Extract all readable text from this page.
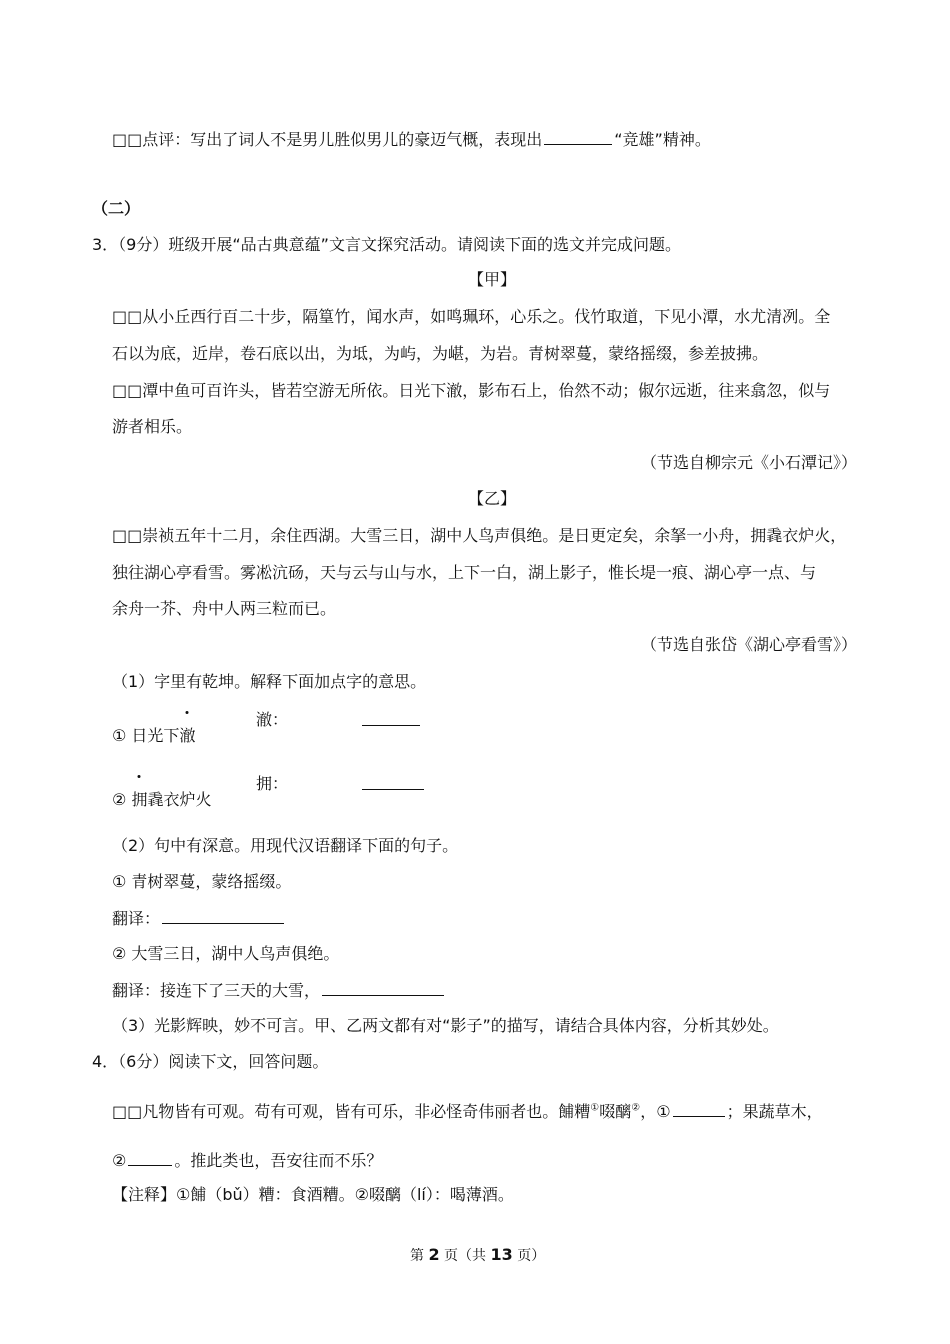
□□点评：写出了词人不是男儿胜似男儿的豪迈气概，表现出	“竞雄”精神。
（二）
3．（9分）班级开展“品古典意蕴”文言文探究活动。请阅读下面的选文并完成问题。
【甲】
□□从小丘西行百二十步，隔篁竹，闻水声，如鸣珮环，心乐之。伐竹取道，下见小潭，水尤清冽。全
石以为底，近岸，卷石底以出，为坻，为屿，为嵁，为岩。青树翠蔓，蒙络摇缀，参差披拂。
□□潭中鱼可百许头，皆若空游无所依。日光下澈，影布石上，佁然不动；俶尔远逝，往来翕忽，似与
游者相乐。
（节选自柳宗元《小石潭记》）
【乙】
□□崇祯五年十二月，余住西湖。大雪三日，湖中人鸟声俱绝。是日更定矣，余拏一小舟，拥毳衣炉火，
独往湖心亭看雪。雾凇沆砀，天与云与山与水，上下一白，湖上影子，惟长堤一痕、湖心亭一点、与
余舟一芥、舟中人两三粒而已。
（节选自张岱《湖心亭看雪》）
（1）字里有乾坤。解释下面加点字的意思。
① 日光下澈
澈：
② 拥毳衣炉火
拥：
（2）句中有深意。用现代汉语翻译下面的句子。
① 青树翠蔓，蒙络摇缀。
翻译：
② 大雪三日，湖中人鸟声俱绝。
翻译：接连下了三天的大雪，
（3）光影辉映，妙不可言。甲、乙两文都有对“影子”的描写，请结合具体内容，分析其妙处。
4．（6分）阅读下文，回答问题。
□□凡物皆有可观。苟有可观，皆有可乐，非必怪奇伟丽者也。餔糟①啜醨②，①	；果蔬草木，
②	。推此类也，吾安往而不乐？
【注释】①餔（bǔ）糟：食酒糟。②啜醨（lí）：喝薄酒。
第 2 页（共 13 页）
